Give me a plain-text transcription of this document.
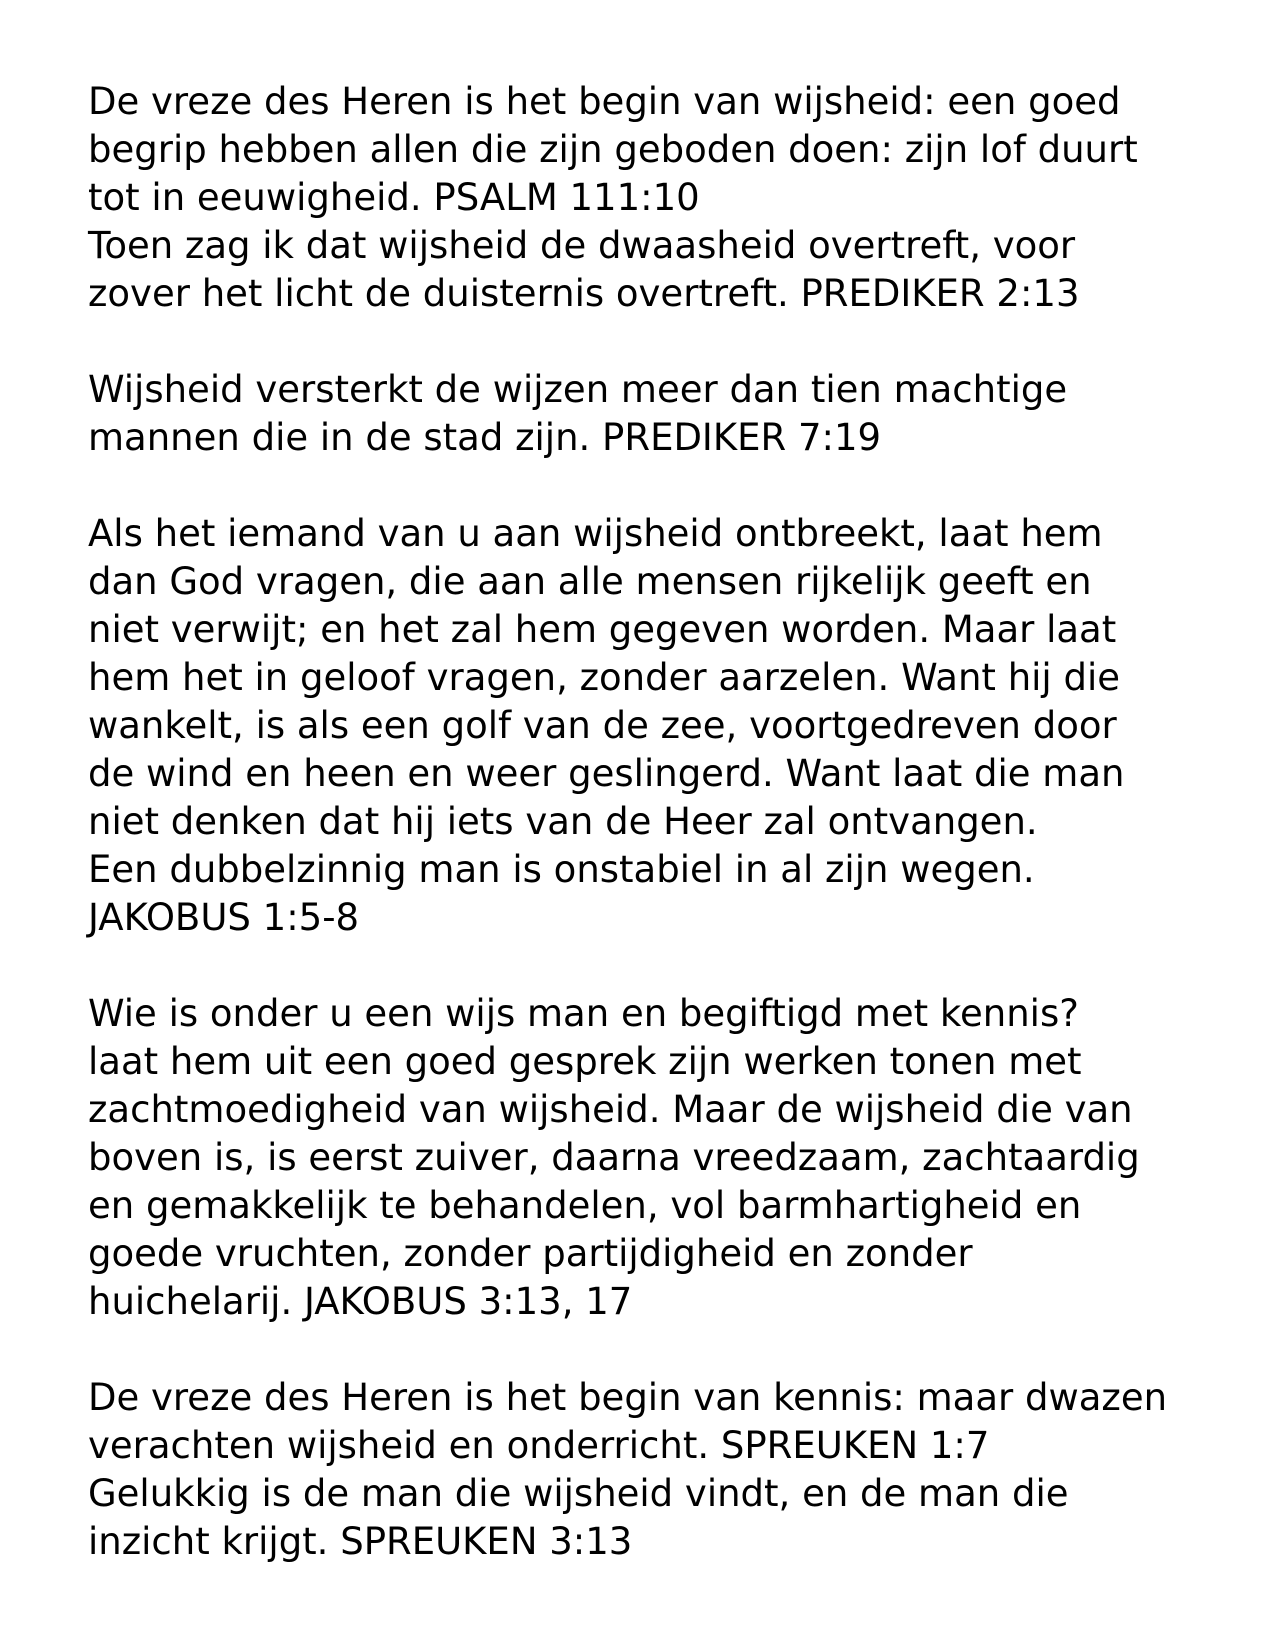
De vreze des Heren is het begin van wijsheid: een goed
begrip hebben allen die zijn geboden doen: zijn lof duurt
tot in eeuwigheid. PSALM 111:10
Toen zag ik dat wijsheid de dwaasheid overtreft, voor
zover het licht de duisternis overtreft. PREDIKER 2:13
Wijsheid versterkt de wijzen meer dan tien machtige
mannen die in de stad zijn. PREDIKER 7:19
Als het iemand van u aan wijsheid ontbreekt, laat hem
dan God vragen, die aan alle mensen rijkelijk geeft en
niet verwijt; en het zal hem gegeven worden. Maar laat
hem het in geloof vragen, zonder aarzelen. Want hij die
wankelt, is als een golf van de zee, voortgedreven door
de wind en heen en weer geslingerd. Want laat die man
niet denken dat hij iets van de Heer zal ontvangen.
Een dubbelzinnig man is onstabiel in al zijn wegen.
JAKOBUS 1:5-8
Wie is onder u een wijs man en begiftigd met kennis?
laat hem uit een goed gesprek zijn werken tonen met
zachtmoedigheid van wijsheid. Maar de wijsheid die van
boven is, is eerst zuiver, daarna vreedzaam, zachtaardig
en gemakkelijk te behandelen, vol barmhartigheid en
goede vruchten, zonder partijdigheid en zonder
huichelarij. JAKOBUS 3:13, 17
De vreze des Heren is het begin van kennis: maar dwazen
verachten wijsheid en onderricht. SPREUKEN 1:7
Gelukkig is de man die wijsheid vindt, en de man die
inzicht krijgt. SPREUKEN 3:13
